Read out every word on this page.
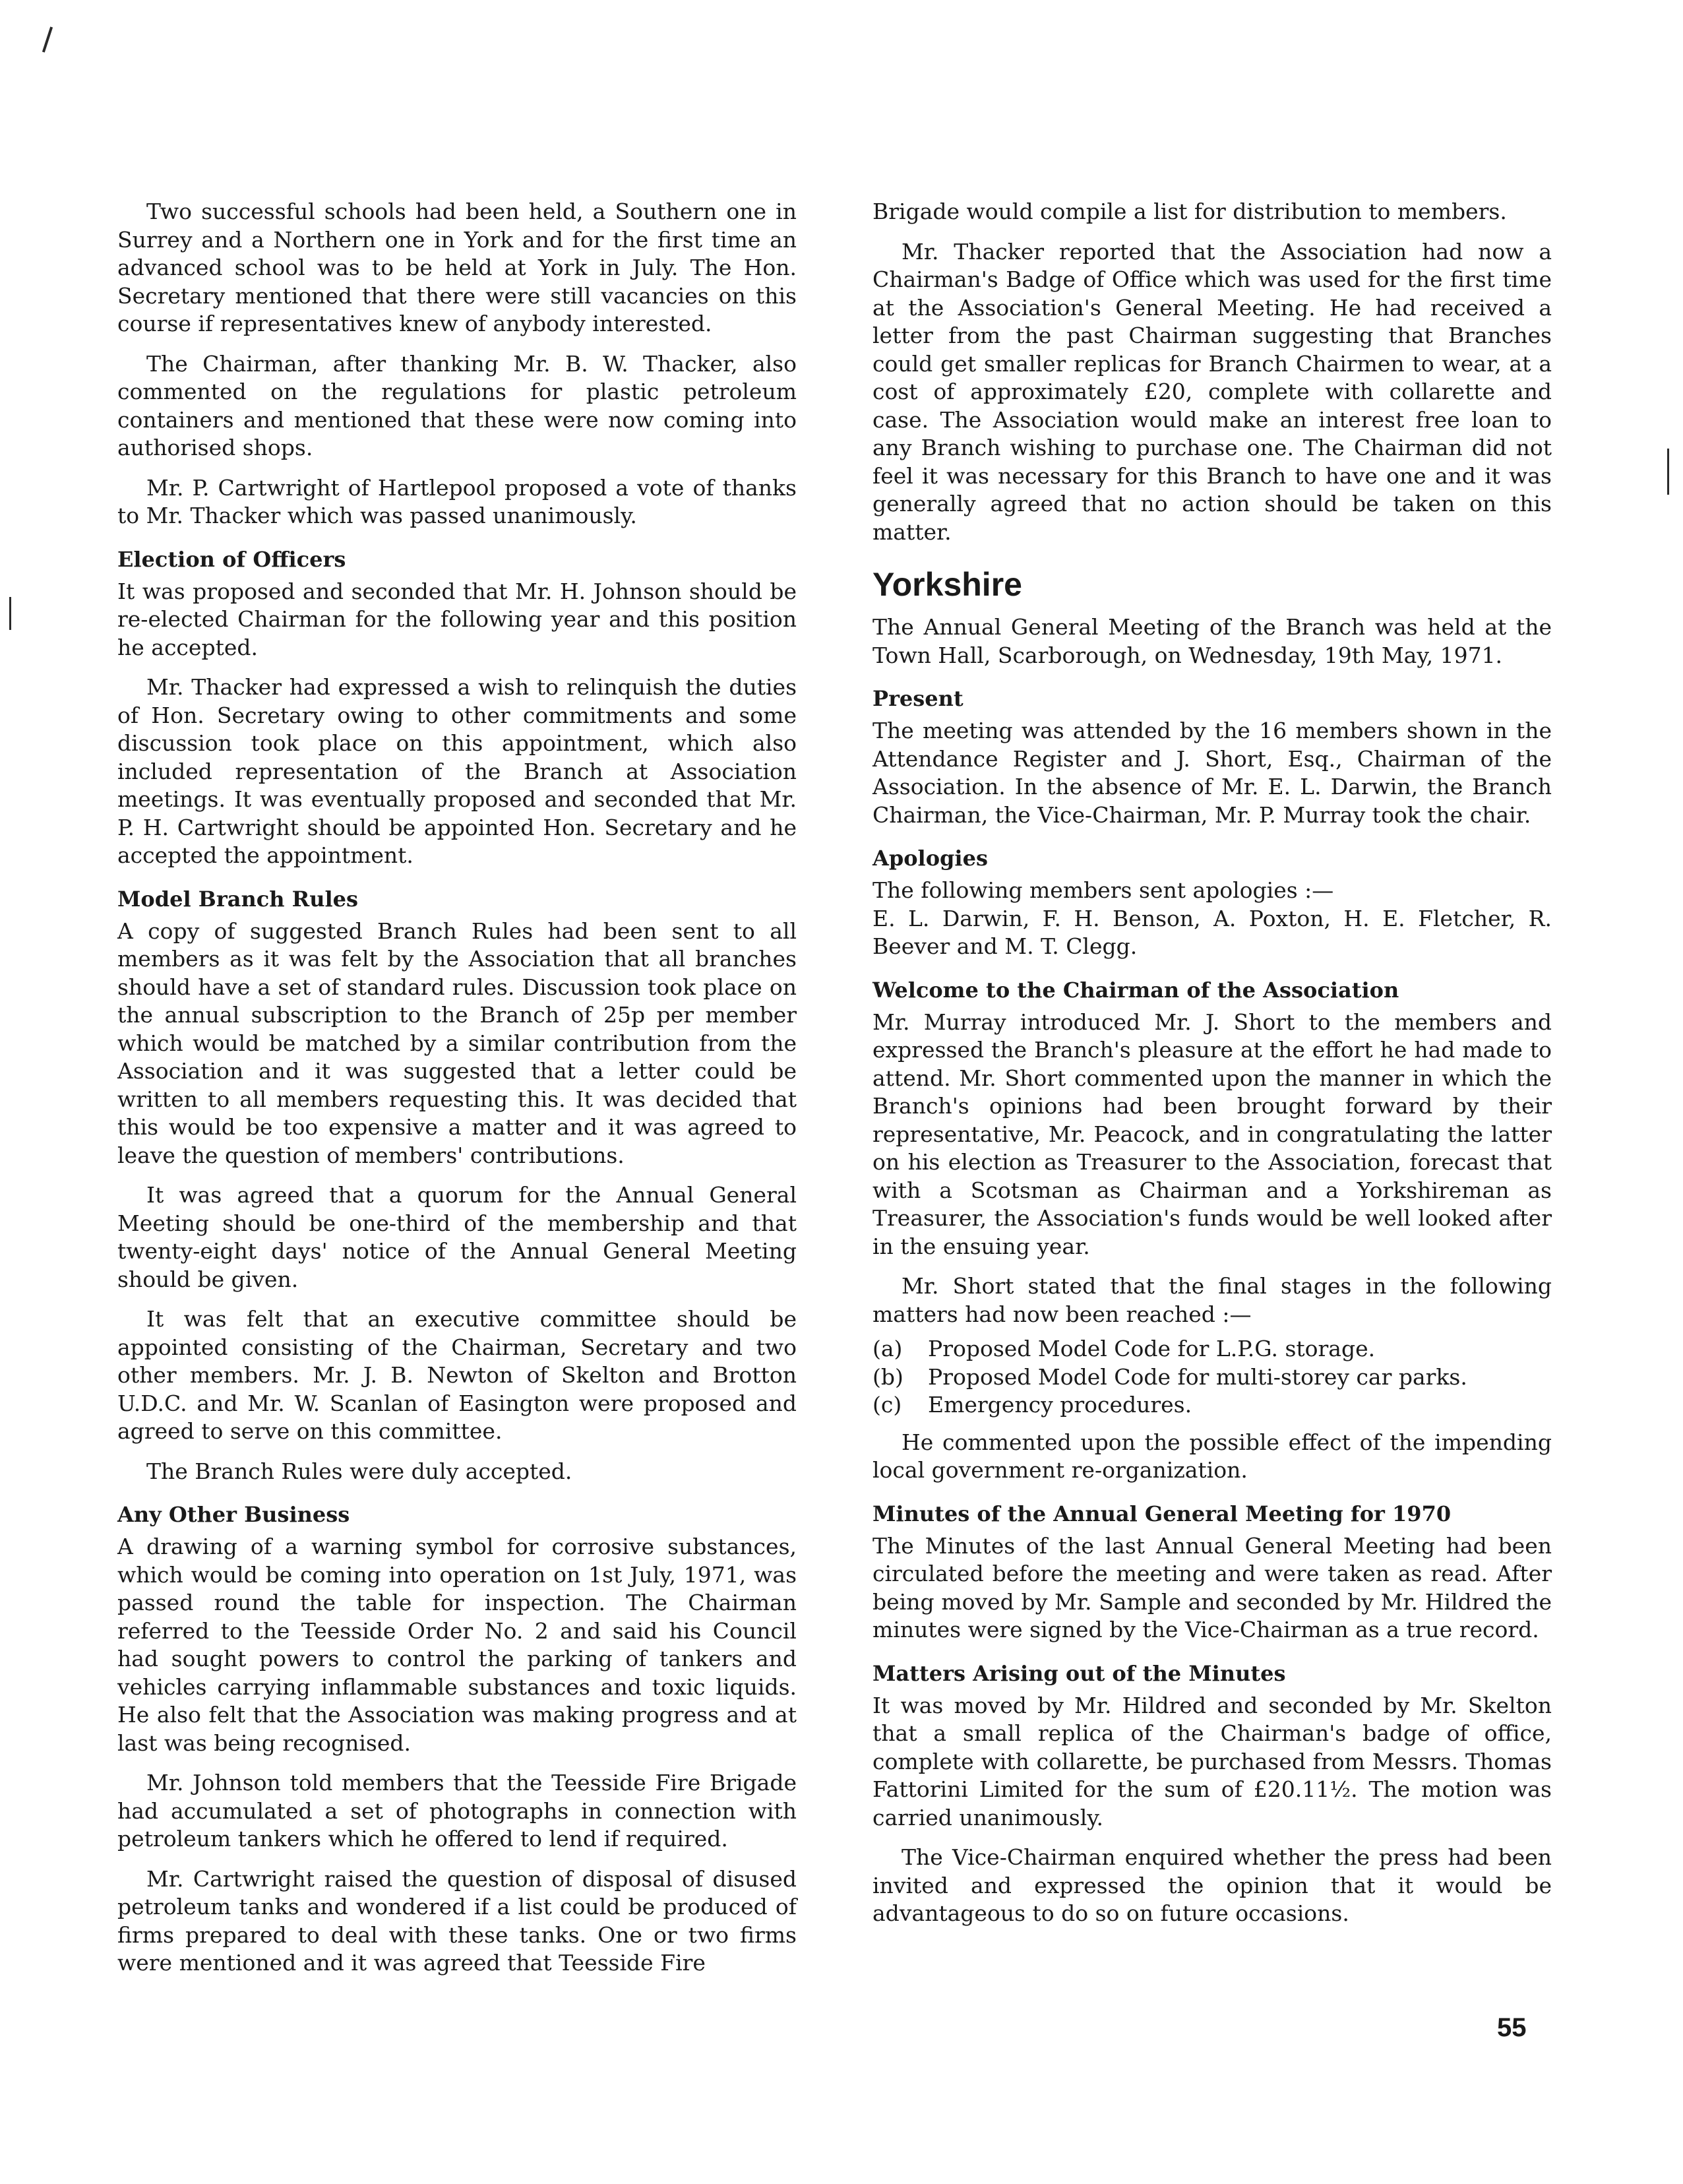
Two successful schools had been held, a Southern one in Surrey and a Northern one in York and for the first time an advanced school was to be held at York in July. The Hon. Secretary mentioned that there were still vacancies on this course if representatives knew of anybody interested.

The Chairman, after thanking Mr. B. W. Thacker, also commented on the regulations for plastic petroleum containers and mentioned that these were now coming into authorised shops.

Mr. P. Cartwright of Hartlepool proposed a vote of thanks to Mr. Thacker which was passed unanimously.

Election of Officers

It was proposed and seconded that Mr. H. Johnson should be re-elected Chairman for the following year and this position he accepted.

Mr. Thacker had expressed a wish to relinquish the duties of Hon. Secretary owing to other commitments and some discussion took place on this appointment, which also included representation of the Branch at Association meetings. It was eventually proposed and seconded that Mr. P. H. Cartwright should be appointed Hon. Secretary and he accepted the appointment.

Model Branch Rules

A copy of suggested Branch Rules had been sent to all members as it was felt by the Association that all branches should have a set of standard rules. Discussion took place on the annual subscription to the Branch of 25p per member which would be matched by a similar contribution from the Association and it was suggested that a letter could be written to all members requesting this. It was decided that this would be too expensive a matter and it was agreed to leave the question of members' contributions.

It was agreed that a quorum for the Annual General Meeting should be one-third of the membership and that twenty-eight days' notice of the Annual General Meeting should be given.

It was felt that an executive committee should be appointed consisting of the Chairman, Secretary and two other members. Mr. J. B. Newton of Skelton and Brotton U.D.C. and Mr. W. Scanlan of Easington were proposed and agreed to serve on this committee.

The Branch Rules were duly accepted.

Any Other Business

A drawing of a warning symbol for corrosive substances, which would be coming into operation on 1st July, 1971, was passed round the table for inspection. The Chairman referred to the Teesside Order No. 2 and said his Council had sought powers to control the parking of tankers and vehicles carrying inflammable substances and toxic liquids. He also felt that the Association was making progress and at last was being recognised.

Mr. Johnson told members that the Teesside Fire Brigade had accumulated a set of photographs in connection with petroleum tankers which he offered to lend if required.

Mr. Cartwright raised the question of disposal of disused petroleum tanks and wondered if a list could be produced of firms prepared to deal with these tanks. One or two firms were mentioned and it was agreed that Teesside Fire

Brigade would compile a list for distribution to members.

Mr. Thacker reported that the Association had now a Chairman's Badge of Office which was used for the first time at the Association's General Meeting. He had received a letter from the past Chairman suggesting that Branches could get smaller replicas for Branch Chairmen to wear, at a cost of approximately £20, complete with collarette and case. The Association would make an interest free loan to any Branch wishing to purchase one. The Chairman did not feel it was necessary for this Branch to have one and it was generally agreed that no action should be taken on this matter.

Yorkshire

The Annual General Meeting of the Branch was held at the Town Hall, Scarborough, on Wednesday, 19th May, 1971.

Present

The meeting was attended by the 16 members shown in the Attendance Register and J. Short, Esq., Chairman of the Association. In the absence of Mr. E. L. Darwin, the Branch Chairman, the Vice-Chairman, Mr. P. Murray took the chair.

Apologies

The following members sent apologies :—

E. L. Darwin, F. H. Benson, A. Poxton, H. E. Fletcher, R. Beever and M. T. Clegg.

Welcome to the Chairman of the Association

Mr. Murray introduced Mr. J. Short to the members and expressed the Branch's pleasure at the effort he had made to attend. Mr. Short commented upon the manner in which the Branch's opinions had been brought forward by their representative, Mr. Peacock, and in congratulating the latter on his election as Treasurer to the Association, forecast that with a Scotsman as Chairman and a Yorkshireman as Treasurer, the Association's funds would be well looked after in the ensuing year.

Mr. Short stated that the final stages in the following matters had now been reached :—

(a)	Proposed Model Code for L.P.G. storage.
(b)	Proposed Model Code for multi-storey car parks.
(c)	Emergency procedures.

He commented upon the possible effect of the impending local government re-organization.

Minutes of the Annual General Meeting for 1970

The Minutes of the last Annual General Meeting had been circulated before the meeting and were taken as read. After being moved by Mr. Sample and seconded by Mr. Hildred the minutes were signed by the Vice-Chairman as a true record.

Matters Arising out of the Minutes

It was moved by Mr. Hildred and seconded by Mr. Skelton that a small replica of the Chairman's badge of office, complete with collarette, be purchased from Messrs. Thomas Fattorini Limited for the sum of £20.11½. The motion was carried unanimously.

The Vice-Chairman enquired whether the press had been invited and expressed the opinion that it would be advantageous to do so on future occasions.

55
